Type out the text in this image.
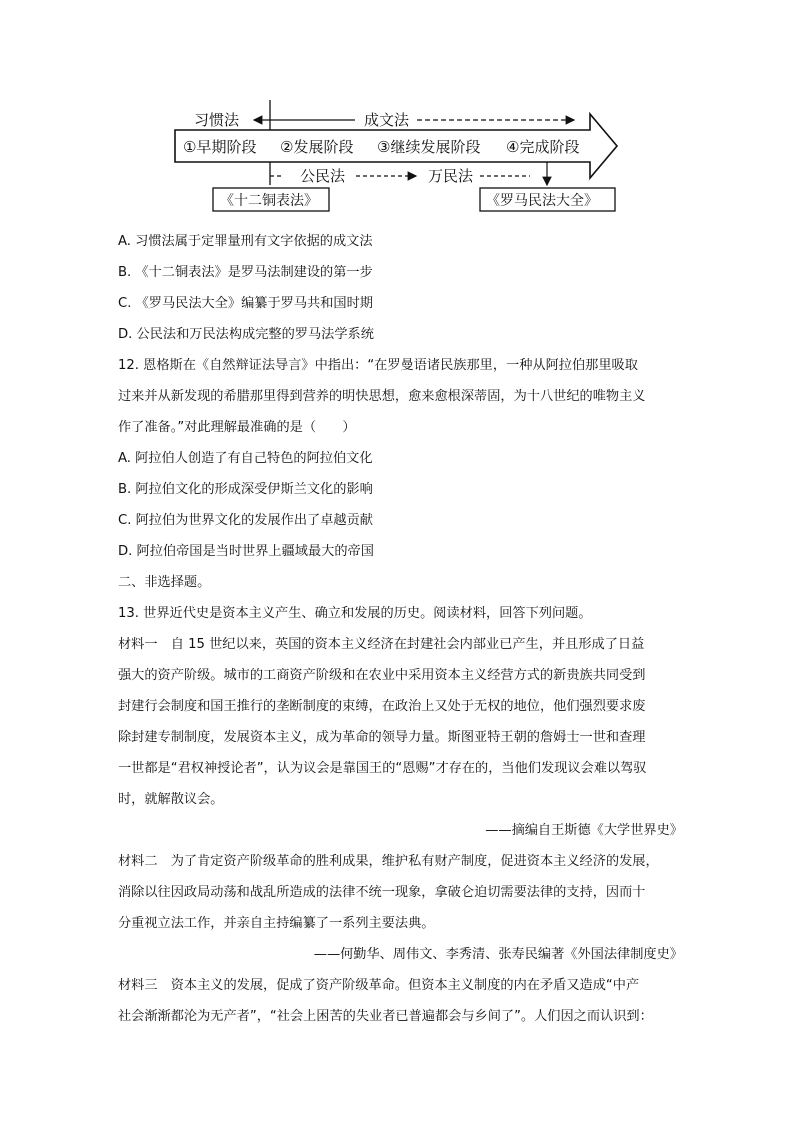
习惯法	成文法
①早期阶段 ②发展阶段 ③继续发展阶段 ④完成阶段
公民法	万民法
《十二铜表法》	《罗马民法大全》
A. 习惯法属于定罪量刑有文字依据的成文法
B. 《十二铜表法》是罗马法制建设的第一步
C. 《罗马民法大全》编纂于罗马共和国时期
D. 公民法和万民法构成完整的罗马法学系统
12. 恩格斯在《自然辩证法导言》中指出：“在罗曼语诸民族那里，一种从阿拉伯那里吸取
过来并从新发现的希腊那里得到营养的明快思想，愈来愈根深蒂固，为十八世纪的唯物主义
作了准备。”对此理解最准确的是（　　）
A. 阿拉伯人创造了有自己特色的阿拉伯文化
B. 阿拉伯文化的形成深受伊斯兰文化的影响
C. 阿拉伯为世界文化的发展作出了卓越贡献
D. 阿拉伯帝国是当时世界上疆域最大的帝国
二、非选择题。
13. 世界近代史是资本主义产生、确立和发展的历史。阅读材料，回答下列问题。
材料一　自 15 世纪以来，英国的资本主义经济在封建社会内部业已产生，并且形成了日益
强大的资产阶级。城市的工商资产阶级和在农业中采用资本主义经营方式的新贵族共同受到
封建行会制度和国王推行的垄断制度的束缚，在政治上又处于无权的地位，他们强烈要求废
除封建专制制度，发展资本主义，成为革命的领导力量。斯图亚特王朝的詹姆士一世和查理
一世都是“君权神授论者”，认为议会是靠国王的“恩赐”才存在的，当他们发现议会难以驾驭
时，就解散议会。
——摘编自王斯德《大学世界史》
材料二　为了肯定资产阶级革命的胜利成果，维护私有财产制度，促进资本主义经济的发展，
消除以往因政局动荡和战乱所造成的法律不统一现象，拿破仑迫切需要法律的支持，因而十
分重视立法工作，并亲自主持编纂了一系列主要法典。
——何勤华、周伟文、李秀清、张寿民编著《外国法律制度史》
材料三　资本主义的发展，促成了资产阶级革命。但资本主义制度的内在矛盾又造成“中产
社会渐渐都沦为无产者”，“社会上困苦的失业者已普遍都会与乡间了”。人们因之而认识到：
